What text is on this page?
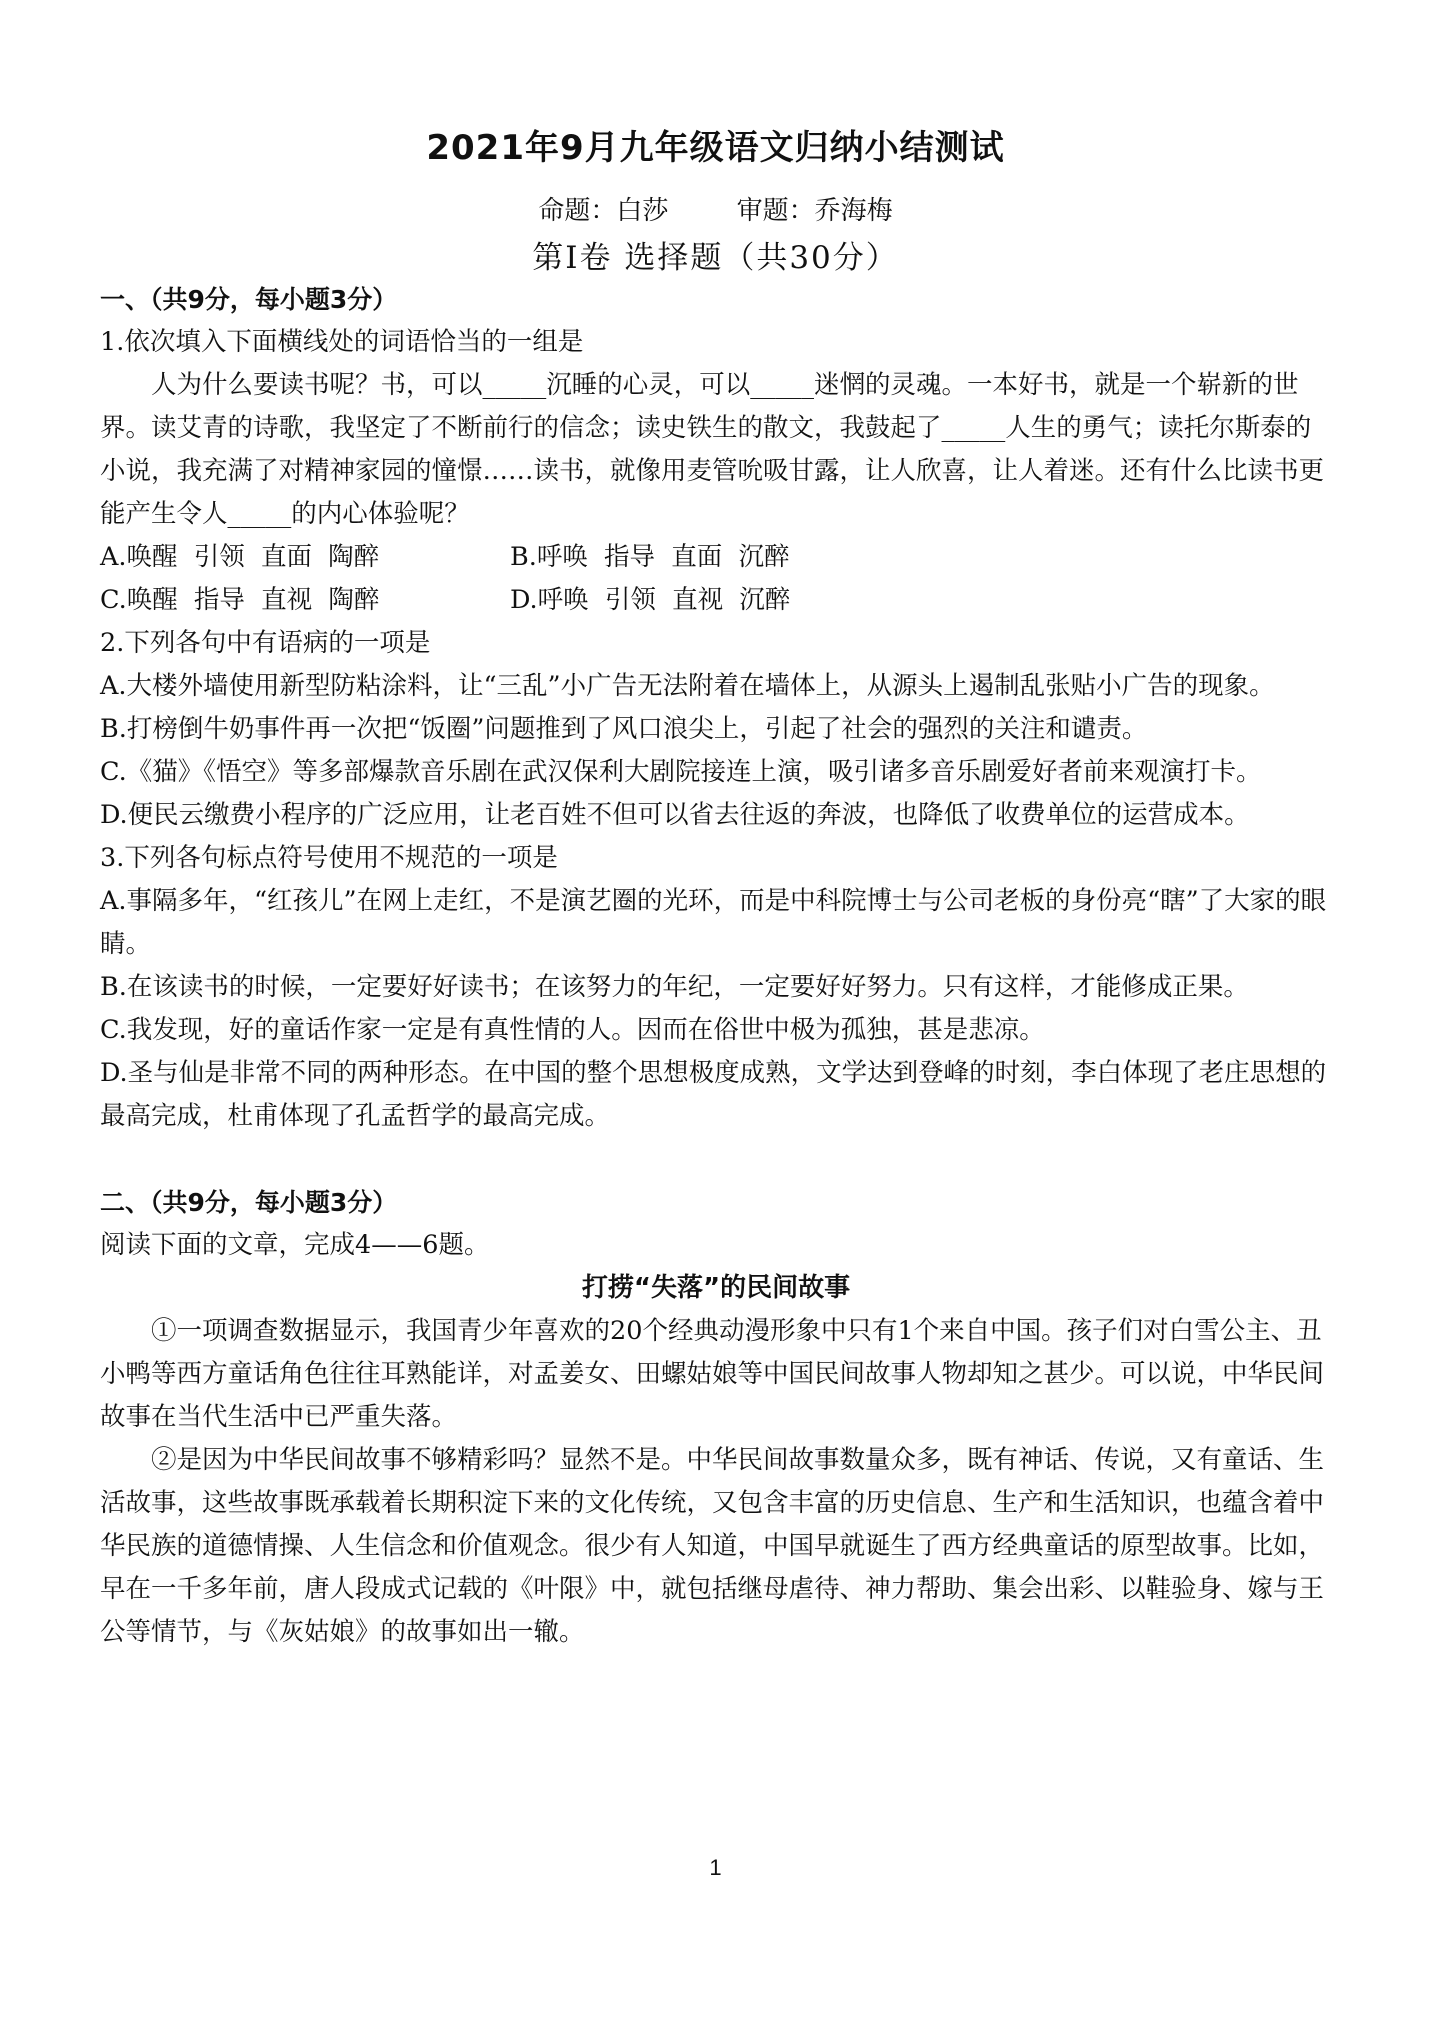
2021年9月九年级语文归纳小结测试
命题：白莎	审题：乔海梅
第Ⅰ卷 选择题（共30分）

一、（共9分，每小题3分）

1.依次填入下面横线处的词语恰当的一组是

人为什么要读书呢？书，可以_____沉睡的心灵，可以_____迷惘的灵魂。一本好书，就是一个崭新的世界。读艾青的诗歌，我坚定了不断前行的信念；读史铁生的散文，我鼓起了_____人生的勇气；读托尔斯泰的小说，我充满了对精神家园的憧憬……读书，就像用麦管吮吸甘露，让人欣喜，让人着迷。还有什么比读书更能产生令人_____的内心体验呢？

A.唤醒  引领  直面  陶醉	B.呼唤  指导  直面  沉醉
C.唤醒  指导  直视  陶醉	D.呼唤  引领  直视  沉醉

2.下列各句中有语病的一项是

A.大楼外墙使用新型防粘涂料，让“三乱”小广告无法附着在墙体上，从源头上遏制乱张贴小广告的现象。

B.打榜倒牛奶事件再一次把“饭圈”问题推到了风口浪尖上，引起了社会的强烈的关注和谴责。

C.《猫》《悟空》等多部爆款音乐剧在武汉保利大剧院接连上演，吸引诸多音乐剧爱好者前来观演打卡。

D.便民云缴费小程序的广泛应用，让老百姓不但可以省去往返的奔波，也降低了收费单位的运营成本。

3.下列各句标点符号使用不规范的一项是

A.事隔多年，“红孩儿”在网上走红，不是演艺圈的光环，而是中科院博士与公司老板的身份亮“瞎”了大家的眼睛。

B.在该读书的时候，一定要好好读书；在该努力的年纪，一定要好好努力。只有这样，才能修成正果。

C.我发现，好的童话作家一定是有真性情的人。因而在俗世中极为孤独，甚是悲凉。

D.圣与仙是非常不同的两种形态。在中国的整个思想极度成熟，文学达到登峰的时刻，李白体现了老庄思想的最高完成，杜甫体现了孔孟哲学的最高完成。

二、（共9分，每小题3分）

阅读下面的文章，完成4——6题。

打捞“失落”的民间故事

①一项调查数据显示，我国青少年喜欢的20个经典动漫形象中只有1个来自中国。孩子们对白雪公主、丑小鸭等西方童话角色往往耳熟能详，对孟姜女、田螺姑娘等中国民间故事人物却知之甚少。可以说，中华民间故事在当代生活中已严重失落。

②是因为中华民间故事不够精彩吗？显然不是。中华民间故事数量众多，既有神话、传说，又有童话、生活故事，这些故事既承载着长期积淀下来的文化传统，又包含丰富的历史信息、生产和生活知识，也蕴含着中华民族的道德情操、人生信念和价值观念。很少有人知道，中国早就诞生了西方经典童话的原型故事。比如，早在一千多年前，唐人段成式记载的《叶限》中，就包括继母虐待、神力帮助、集会出彩、以鞋验身、嫁与王公等情节，与《灰姑娘》的故事如出一辙。

1
